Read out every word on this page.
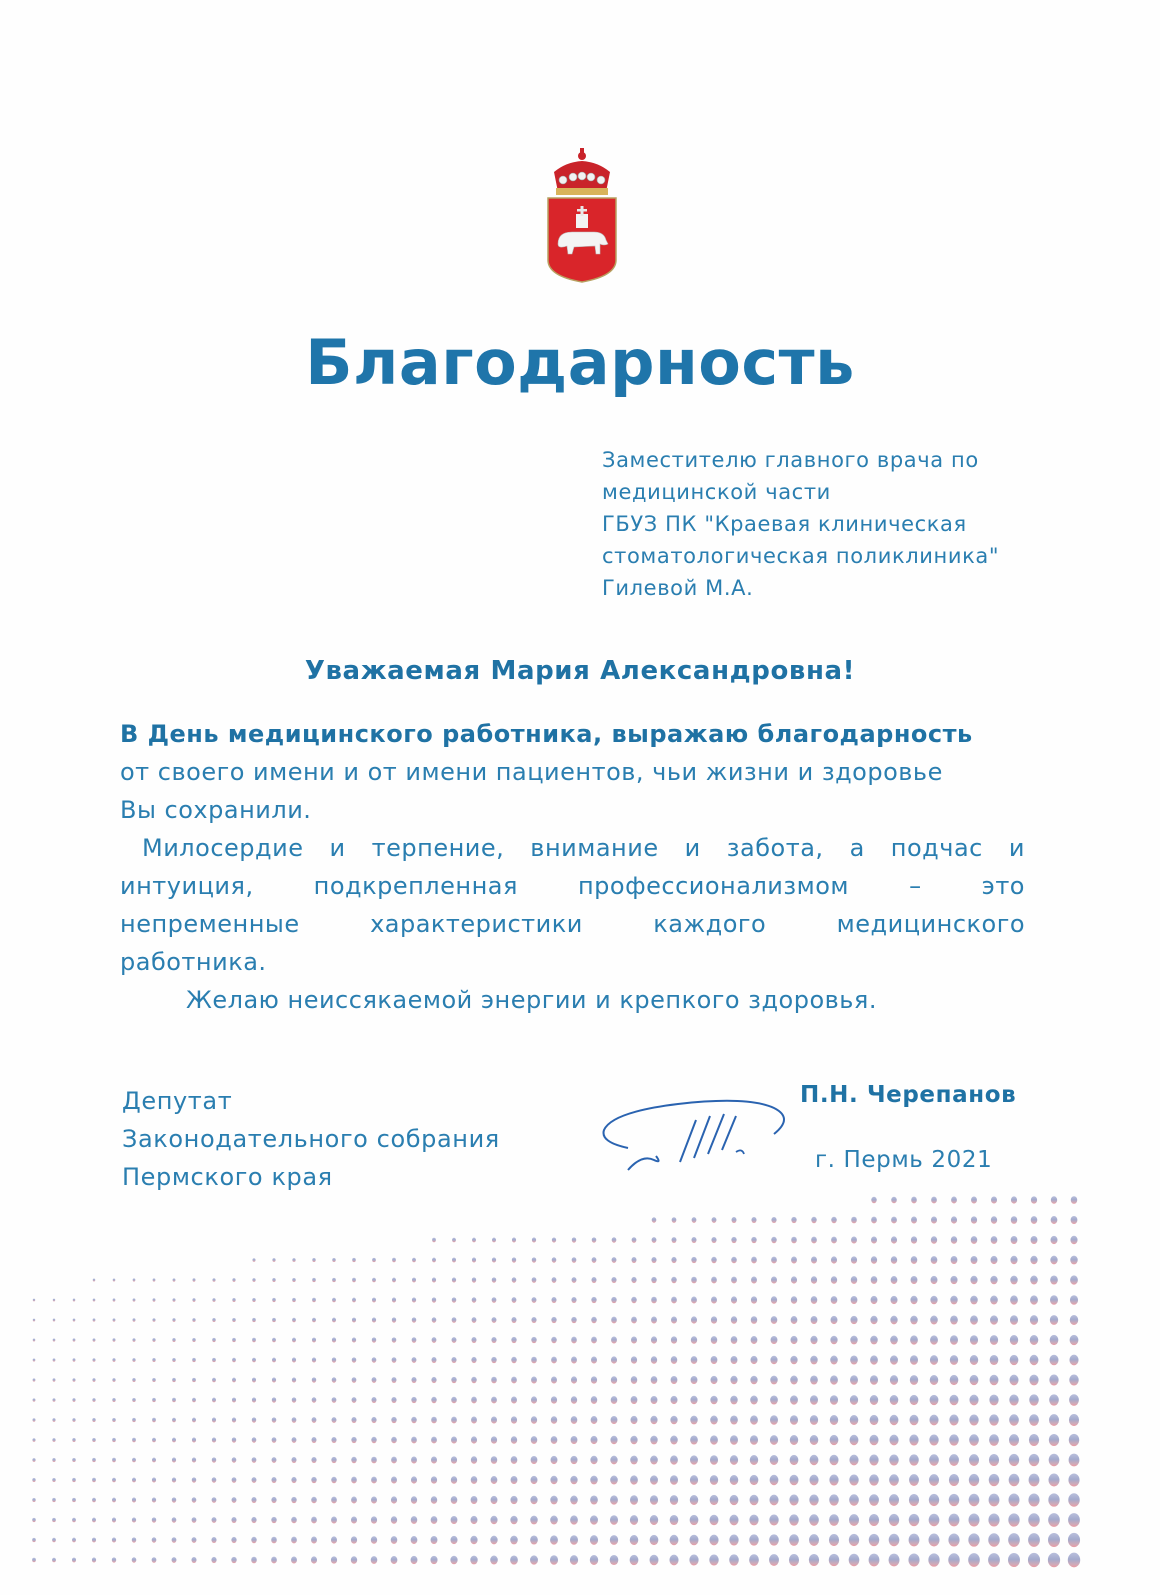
Благодарность
Заместителю главного врача по
медицинской части
ГБУЗ ПК "Краевая клиническая
стоматологическая поликлиника"
Гилевой М.А.
Уважаемая Мария Александровна!

В День медицинского работника, выражаю благодарность

от своего имени и от имени пациентов, чьи жизни и здоровье

Вы сохранили.

Милосердие и терпение, внимание и забота, а подчас и

интуиция, подкрепленная профессионализмом – это

непременные характеристики каждого медицинского

работника.

Желаю неиссякаемой энергии и крепкого здоровья.

Депутат
Законодательного собрания
Пермского края
П.Н. Черепанов
г. Пермь 2021
